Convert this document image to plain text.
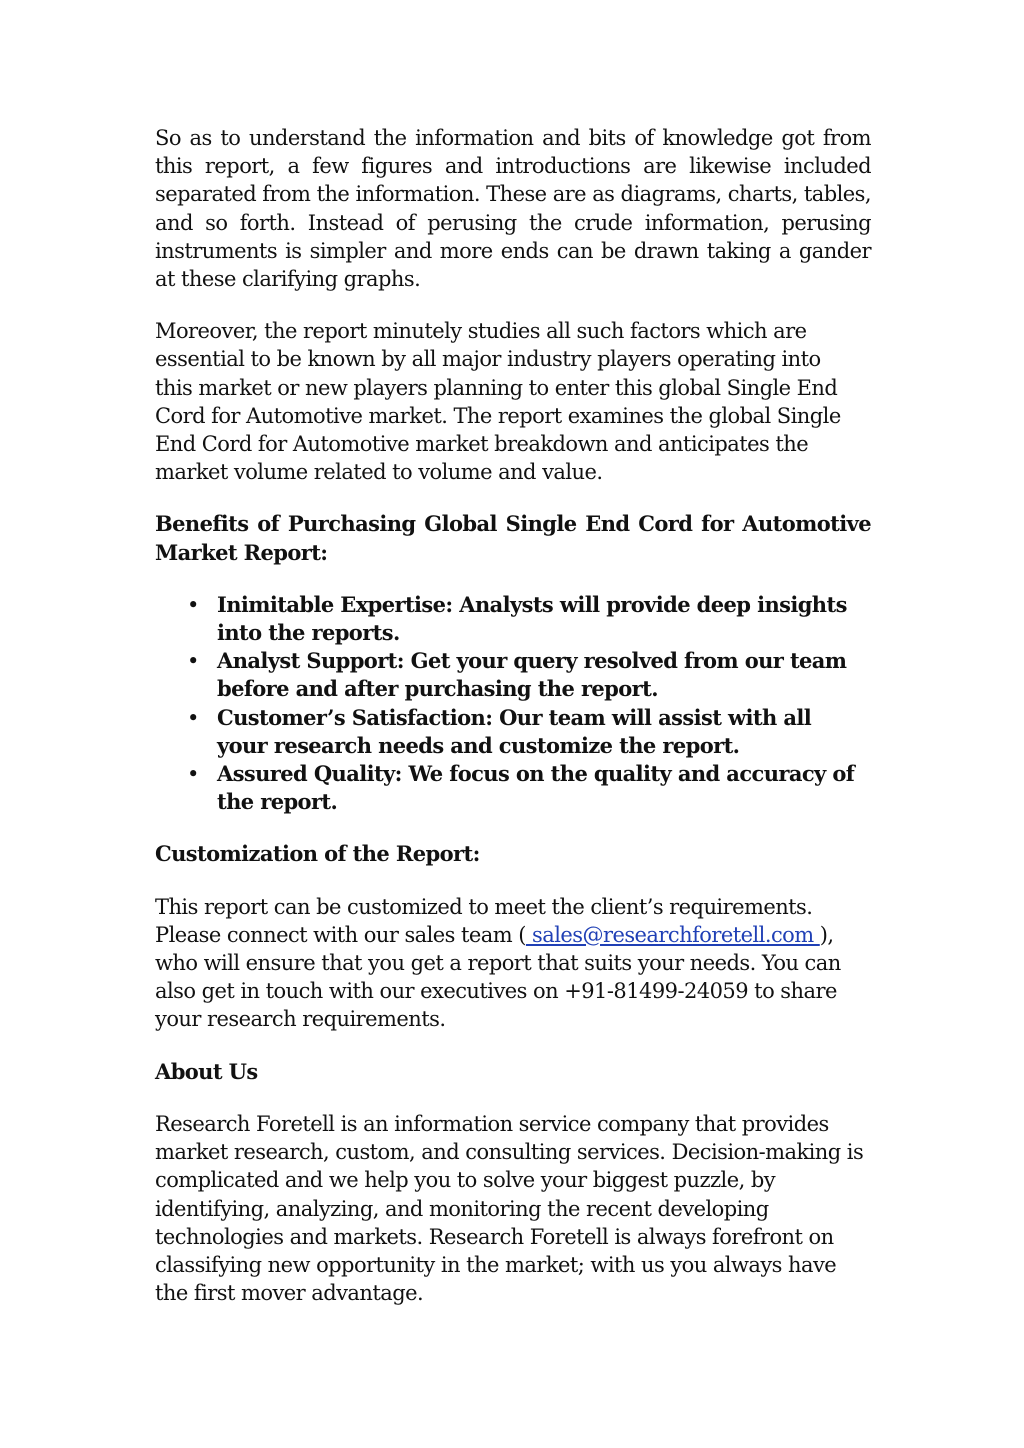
So as to understand the information and bits of knowledge got from this report, a few figures and introductions are likewise included separated from the information. These are as diagrams, charts, tables, and so forth. Instead of perusing the crude information, perusing instruments is simpler and more ends can be drawn taking a gander at these clarifying graphs.

Moreover, the report minutely studies all such factors which are essential to be known by all major industry players operating into this market or new players planning to enter this global Single End Cord for Automotive market. The report examines the global Single End Cord for Automotive market breakdown and anticipates the market volume related to volume and value.

Benefits of Purchasing Global Single End Cord for Automotive Market Report:

• Inimitable Expertise: Analysts will provide deep insights into the reports.
• Analyst Support: Get your query resolved from our team before and after purchasing the report.
• Customer’s Satisfaction: Our team will assist with all your research needs and customize the report.
• Assured Quality: We focus on the quality and accuracy of the report.

Customization of the Report:

This report can be customized to meet the client’s requirements. Please connect with our sales team ( sales@researchforetell.com ), who will ensure that you get a report that suits your needs. You can also get in touch with our executives on +91-81499-24059 to share your research requirements.

About Us

Research Foretell is an information service company that provides market research, custom, and consulting services. Decision-making is complicated and we help you to solve your biggest puzzle, by identifying, analyzing, and monitoring the recent developing technologies and markets. Research Foretell is always forefront on classifying new opportunity in the market; with us you always have the first mover advantage.
